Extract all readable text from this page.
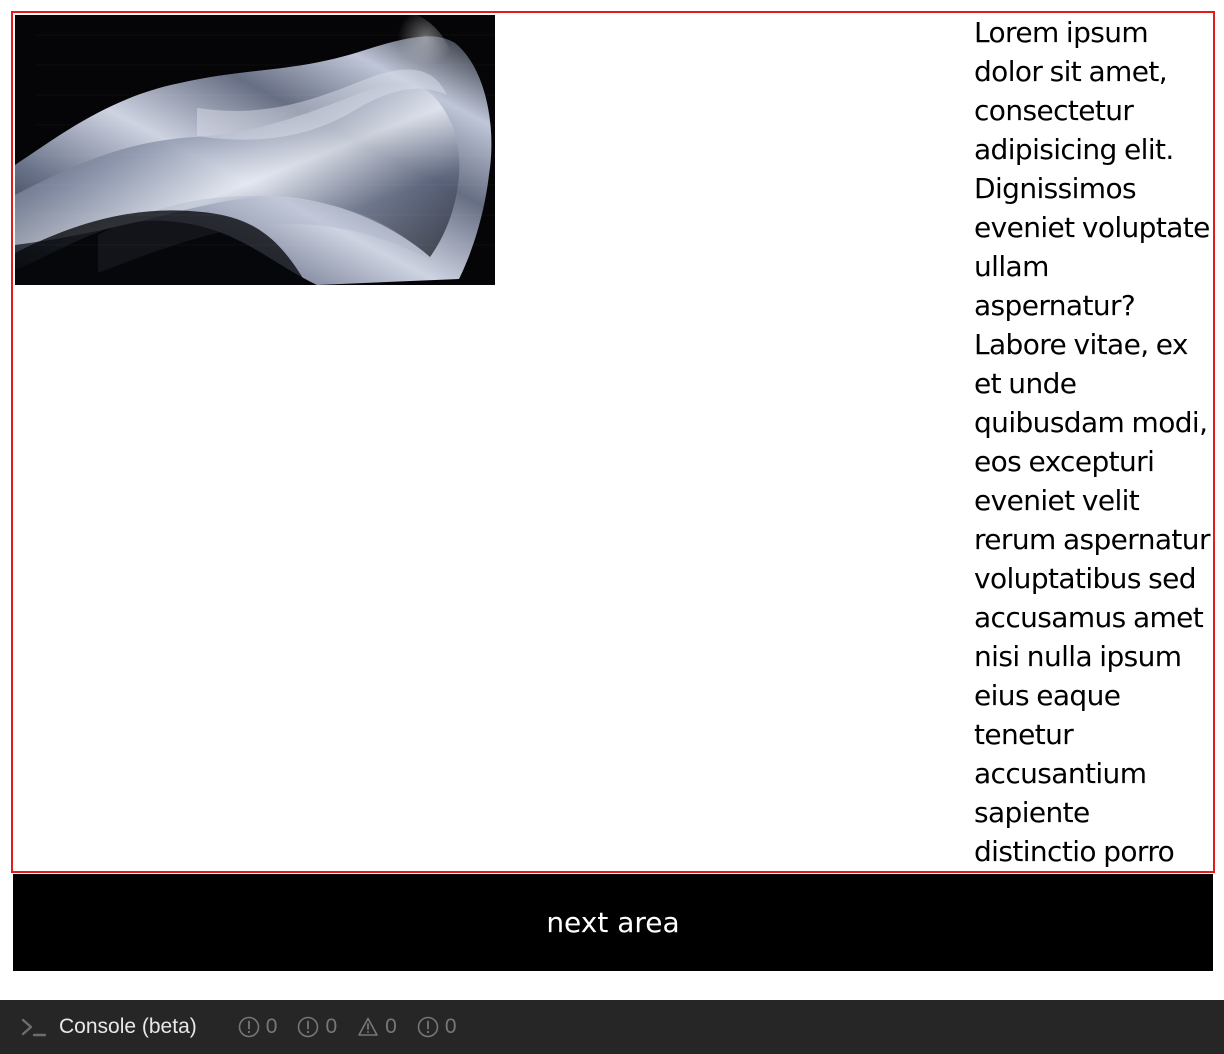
Lorem ipsum dolor sit amet, consectetur adipisicing elit. Dignissimos eveniet voluptate ullam aspernatur? Labore vitae, ex et unde quibusdam modi, eos excepturi eveniet velit rerum aspernatur voluptatibus sed accusamus amet nisi nulla ipsum eius eaque tenetur accusantium sapiente distinctio porro

next area
Console (beta)	0 0 0 0
